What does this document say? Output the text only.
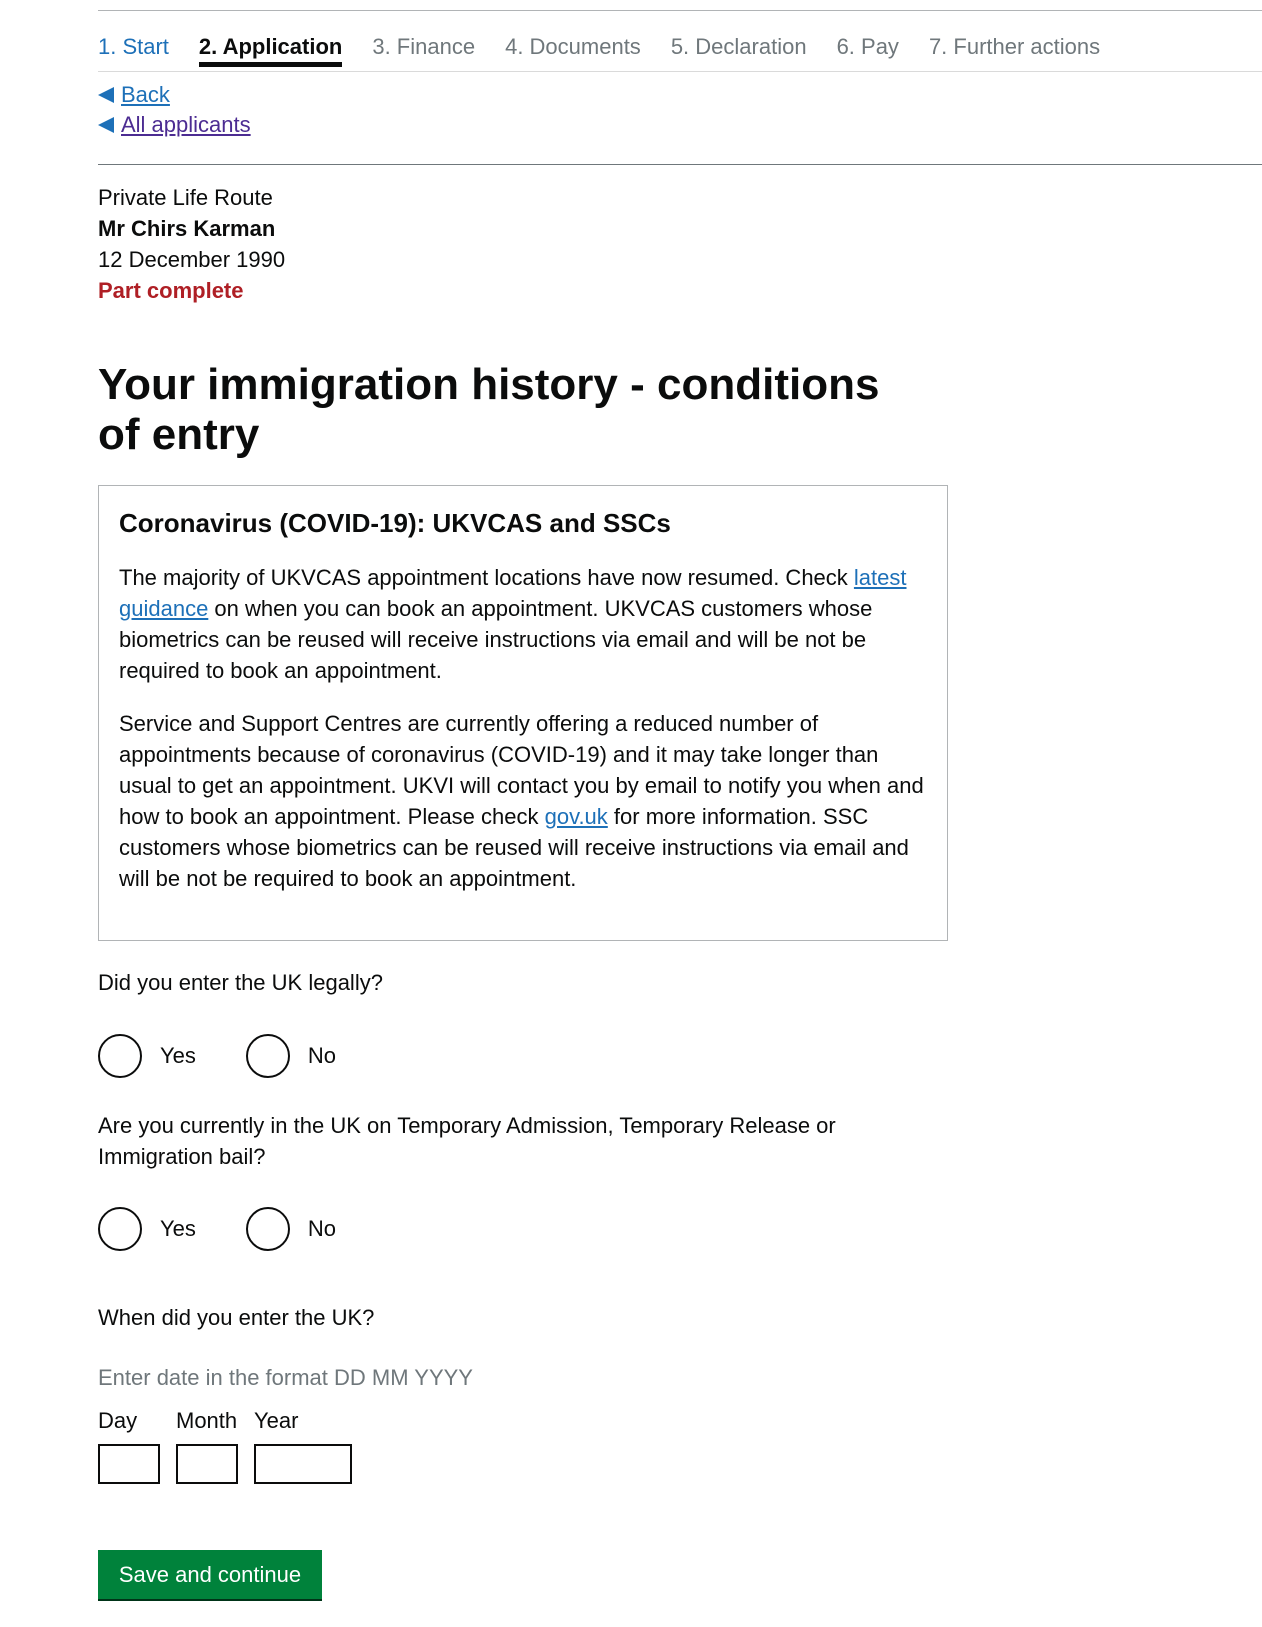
1. Start 2. Application 3. Finance 4. Documents 5. Declaration 6. Pay 7. Further actions
Back
All applicants
Private Life Route
Mr Chirs Karman
12 December 1990
Part complete
Your immigration history - conditions of entry
Coronavirus (COVID-19): UKVCAS and SSCs

The majority of UKVCAS appointment locations have now resumed. Check latest guidance on when you can book an appointment. UKVCAS customers whose biometrics can be reused will receive instructions via email and will be not be required to book an appointment.

Service and Support Centres are currently offering a reduced number of appointments because of coronavirus (COVID-19) and it may take longer than usual to get an appointment. UKVI will contact you by email to notify you when and how to book an appointment. Please check gov.uk for more information. SSC customers whose biometrics can be reused will receive instructions via email and will be not be required to book an appointment.

Did you enter the UK legally?
Yes	No
Are you currently in the UK on Temporary Admission, Temporary Release or Immigration bail?
Yes	No
When did you enter the UK?
Enter date in the format DD MM YYYY
Day	Month Year
Save and continue
